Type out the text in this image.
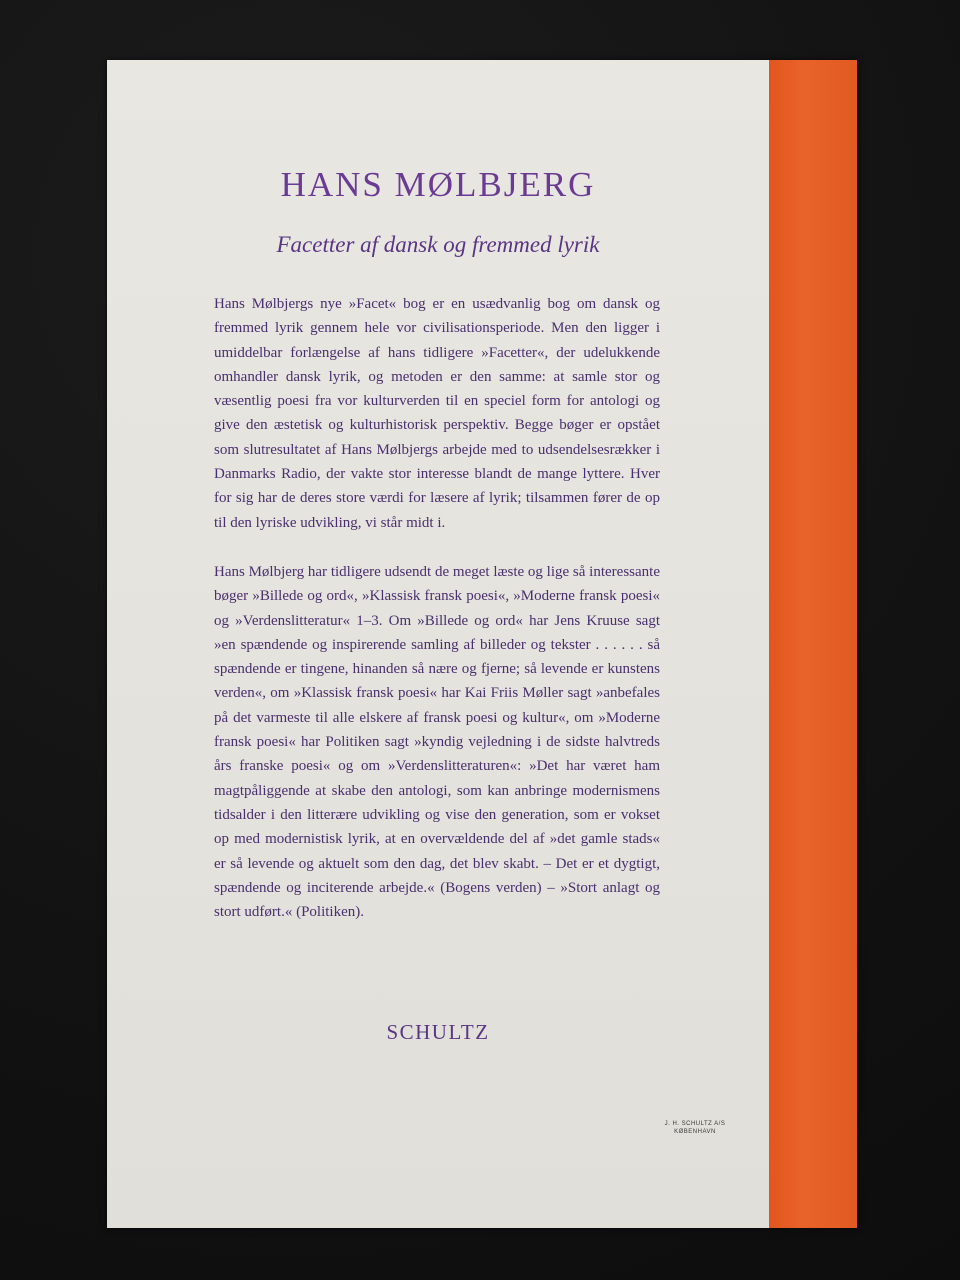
HANS MØLBJERG
Facetter af dansk og fremmed lyrik

Hans Mølbjergs nye »Facet« bog er en usædvanlig bog om dansk og fremmed lyrik gennem hele vor civilisationsperiode. Men den ligger i umiddelbar forlængelse af hans tidligere »Facetter«, der udelukkende omhandler dansk lyrik, og metoden er den samme: at samle stor og væsentlig poesi fra vor kulturverden til en speciel form for antologi og give den æstetisk og kulturhistorisk perspektiv. Begge bøger er opstået som slutresultatet af Hans Mølbjergs arbejde med to udsendelsesrækker i Danmarks Radio, der vakte stor interesse blandt de mange lyttere. Hver for sig har de deres store værdi for læsere af lyrik; tilsammen fører de op til den lyriske udvikling, vi står midt i.

Hans Mølbjerg har tidligere udsendt de meget læste og lige så interessante bøger »Billede og ord«, »Klassisk fransk poesi«, »Moderne fransk poesi« og »Verdenslitteratur« 1–3. Om »Billede og ord« har Jens Kruuse sagt »en spændende og inspirerende samling af billeder og tekster . . . . . . så spændende er tingene, hinanden så nære og fjerne; så levende er kunstens verden«, om »Klassisk fransk poesi« har Kai Friis Møller sagt »anbefales på det varmeste til alle elskere af fransk poesi og kultur«, om »Moderne fransk poesi« har Politiken sagt »kyndig vejledning i de sidste halvtreds års franske poesi« og om »Verdenslitteraturen«: »Det har været ham magtpåliggende at skabe den antologi, som kan anbringe modernismens tidsalder i den litterære udvikling og vise den generation, som er vokset op med modernistisk lyrik, at en overvældende del af »det gamle stads« er så levende og aktuelt som den dag, det blev skabt. – Det er et dygtigt, spændende og inciterende arbejde.« (Bogens verden) – »Stort anlagt og stort udført.« (Politiken).

SCHULTZ
J. H. SCHULTZ A/S
KØBENHAVN
